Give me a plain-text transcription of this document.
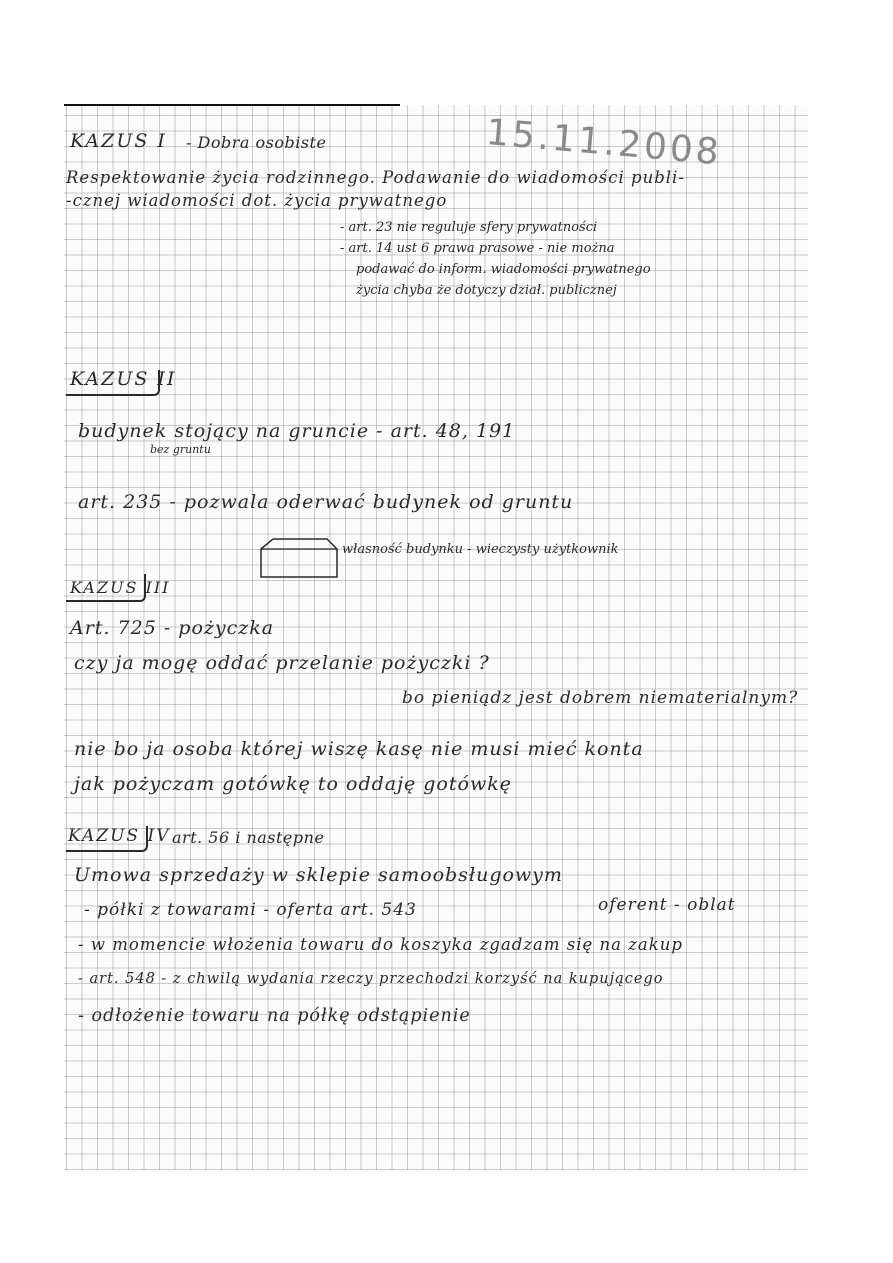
15.11.2008

KAZUS I - Dobra osobiste

Respektowanie życia rodzinnego. Podawanie do wiadomości publi-

-cznej wiadomości dot. życia prywatnego

- art. 23 nie reguluje sfery prywatności

- art. 14 ust 6 prawa prasowe - nie można

podawać do inform. wiadomości prywatnego

życia chyba że dotyczy dział. publicznej

KAZUS II

budynek stojący na gruncie - art. 48, 191

bez gruntu

art. 235 - pozwala oderwać budynek od gruntu

własność budynku - wieczysty użytkownik

KAZUS III

Art. 725 - pożyczka

czy ja mogę oddać przelanie pożyczki ?

bo pieniądz jest dobrem niematerialnym?

nie bo ja osoba której wiszę kasę nie musi mieć konta

jak pożyczam gotówkę to oddaję gotówkę

KAZUS IV art. 56 i następne

Umowa sprzedaży w sklepie samoobsługowym

- półki z towarami - oferta art. 543	oferent - oblat

- w momencie włożenia towaru do koszyka zgadzam się na zakup

- art. 548 - z chwilą wydania rzeczy przechodzi korzyść na kupującego

- odłożenie towaru na półkę odstąpienie
